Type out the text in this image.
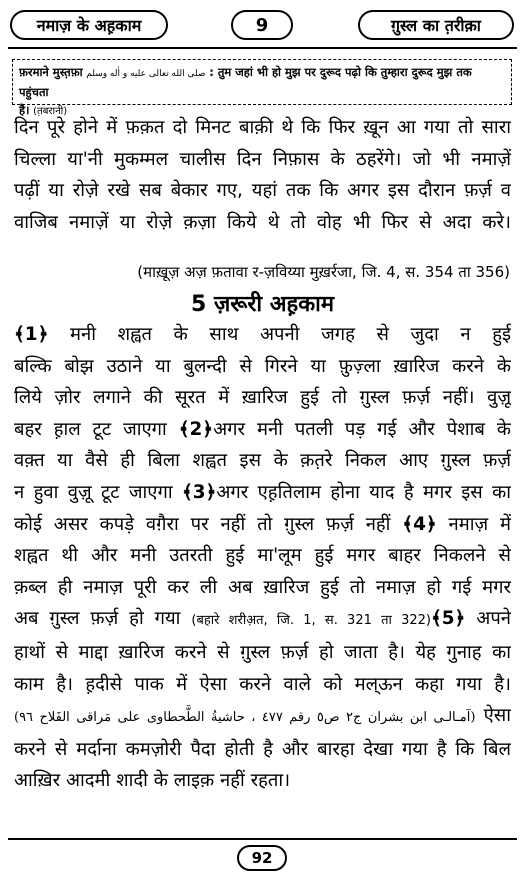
नमाज़ के अह़काम	9	ग़ुस्ल का त़रीक़ा
फ़रमाने मुस्त़फ़ा صلى الله تعالى عليه و اٰله وسلم : तुम जहां भी हो मुझ पर दुरूद पढ़ो कि तुम्हारा दुरूद मुझ तक पहुंचता
है। (त़बरानी)
दिन पूरे होने में फ़क़त दो मिनट बाक़ी थे कि फिर ख़ून आ गया तो सारा
चिल्ला या'नी मुकम्मल चालीस दिन निफ़ास के ठहरेंगे। जो भी नमाज़ें
पढ़ीं या रोज़े रखे सब बेकार गए, यहां तक कि अगर इस दौरान फ़र्ज़ व
वाजिब नमाज़ें या रोज़े क़ज़ा किये थे तो वोह भी फिर से अदा करे।
(माख़ूज़ अज़ फ़तावा र-ज़विय्या मुख़र्रजा, जि. 4, स. 354 ता 356)
5 ज़रूरी अह़काम
﴾1﴿ मनी शह्वत के साथ अपनी जगह से जुदा न हुई
बल्कि बोझ उठाने या बुलन्दी से गिरने या फ़ुज़्ला ख़ारिज करने के
लिये ज़ोर लगाने की सूरत में ख़ारिज हुई तो ग़ुस्ल फ़र्ज़ नहीं। वुज़ू
बहर ह़ाल टूट जाएगा ﴾2﴿अगर मनी पतली पड़ गई और पेशाब के
वक़्त या वैसे ही बिला शह्वत इस के क़त़रे निकल आए ग़ुस्ल फ़र्ज़
न हुवा वुज़ू टूट जाएगा ﴾3﴿अगर एह़तिलाम होना याद है मगर इस का
कोई असर कपड़े वग़ैरा पर नहीं तो ग़ुस्ल फ़र्ज़ नहीं ﴾4﴿ नमाज़ में
शह्वत थी और मनी उतरती हुई मा'लूम हुई मगर बाहर निकलने से
क़ब्ल ही नमाज़ पूरी कर ली अब ख़ारिज हुई तो नमाज़ हो गई मगर
अब ग़ुस्ल फ़र्ज़ हो गया (बहारे शरीअ़त, जि. 1, स. 321 ता 322)﴾5﴿ अपने
हाथों से माद्दा ख़ारिज करने से ग़ुस्ल फ़र्ज़ हो जाता है। येह गुनाह का
काम है। ह़दीसे पाक में ऐसा करने वाले को मल्ऊन कहा गया है।
(آمـالـى ابن بشران ج٢ ص٥ رقم ٤٧٧ ، حاشيةُ الطَّحطاوى على مَراقى الفَلاح ٩٦) ऐसा
करने से मर्दाना कमज़ोरी पैदा होती है और बारहा देखा गया है कि बिल
आख़िर आदमी शादी के लाइक़ नहीं रहता।
92
